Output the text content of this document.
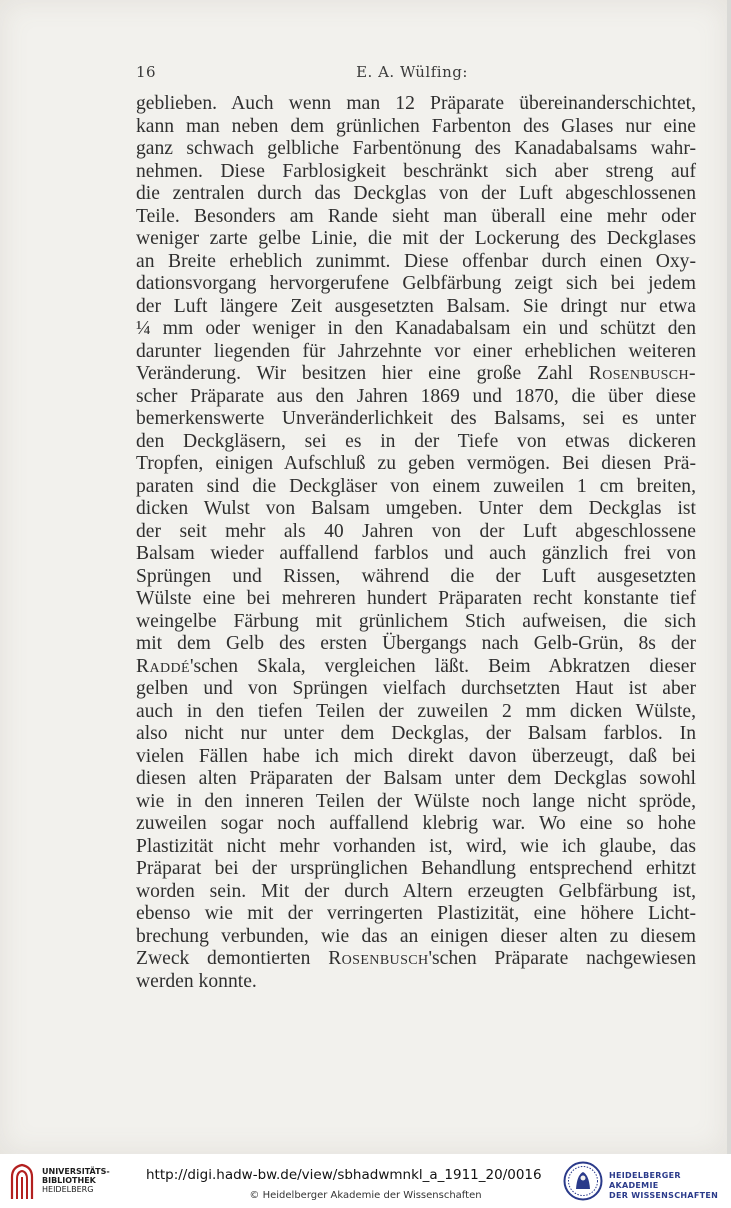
16	E. A. Wülfing:
geblieben. Auch wenn man 12 Präparate übereinanderschichtet,
kann man neben dem grünlichen Farbenton des Glases nur eine
ganz schwach gelbliche Farbentönung des Kanadabalsams wahr-
nehmen. Diese Farblosigkeit beschränkt sich aber streng auf
die zentralen durch das Deckglas von der Luft abgeschlossenen
Teile. Besonders am Rande sieht man überall eine mehr oder
weniger zarte gelbe Linie, die mit der Lockerung des Deckglases
an Breite erheblich zunimmt. Diese offenbar durch einen Oxy-
dationsvorgang hervorgerufene Gelbfärbung zeigt sich bei jedem
der Luft längere Zeit ausgesetzten Balsam. Sie dringt nur etwa
¼ mm oder weniger in den Kanadabalsam ein und schützt den
darunter liegenden für Jahrzehnte vor einer erheblichen weiteren
Veränderung. Wir besitzen hier eine große Zahl Rosenbusch-
scher Präparate aus den Jahren 1869 und 1870, die über diese
bemerkenswerte Unveränderlichkeit des Balsams, sei es unter
den Deckgläsern, sei es in der Tiefe von etwas dickeren
Tropfen, einigen Aufschluß zu geben vermögen. Bei diesen Prä-
paraten sind die Deckgläser von einem zuweilen 1 cm breiten,
dicken Wulst von Balsam umgeben. Unter dem Deckglas ist
der seit mehr als 40 Jahren von der Luft abgeschlossene
Balsam wieder auffallend farblos und auch gänzlich frei von
Sprüngen und Rissen, während die der Luft ausgesetzten
Wülste eine bei mehreren hundert Präparaten recht konstante tief
weingelbe Färbung mit grünlichem Stich aufweisen, die sich
mit dem Gelb des ersten Übergangs nach Gelb-Grün, 8s der
Raddé'schen Skala, vergleichen läßt. Beim Abkratzen dieser
gelben und von Sprüngen vielfach durchsetzten Haut ist aber
auch in den tiefen Teilen der zuweilen 2 mm dicken Wülste,
also nicht nur unter dem Deckglas, der Balsam farblos. In
vielen Fällen habe ich mich direkt davon überzeugt, daß bei
diesen alten Präparaten der Balsam unter dem Deckglas sowohl
wie in den inneren Teilen der Wülste noch lange nicht spröde,
zuweilen sogar noch auffallend klebrig war. Wo eine so hohe
Plastizität nicht mehr vorhanden ist, wird, wie ich glaube, das
Präparat bei der ursprünglichen Behandlung entsprechend erhitzt
worden sein. Mit der durch Altern erzeugten Gelbfärbung ist,
ebenso wie mit der verringerten Plastizität, eine höhere Licht-
brechung verbunden, wie das an einigen dieser alten zu diesem
Zweck demontierten Rosenbusch'schen Präparate nachgewiesen
werden konnte.
UNIVERSITÄTS-
BIBLIOTHEK
HEIDELBERG
http://digi.hadw-bw.de/view/sbhadwmnkl_a_1911_20/0016
© Heidelberger Akademie der Wissenschaften
HEIDELBERGER AKADEMIE
DER WISSENSCHAFTEN
